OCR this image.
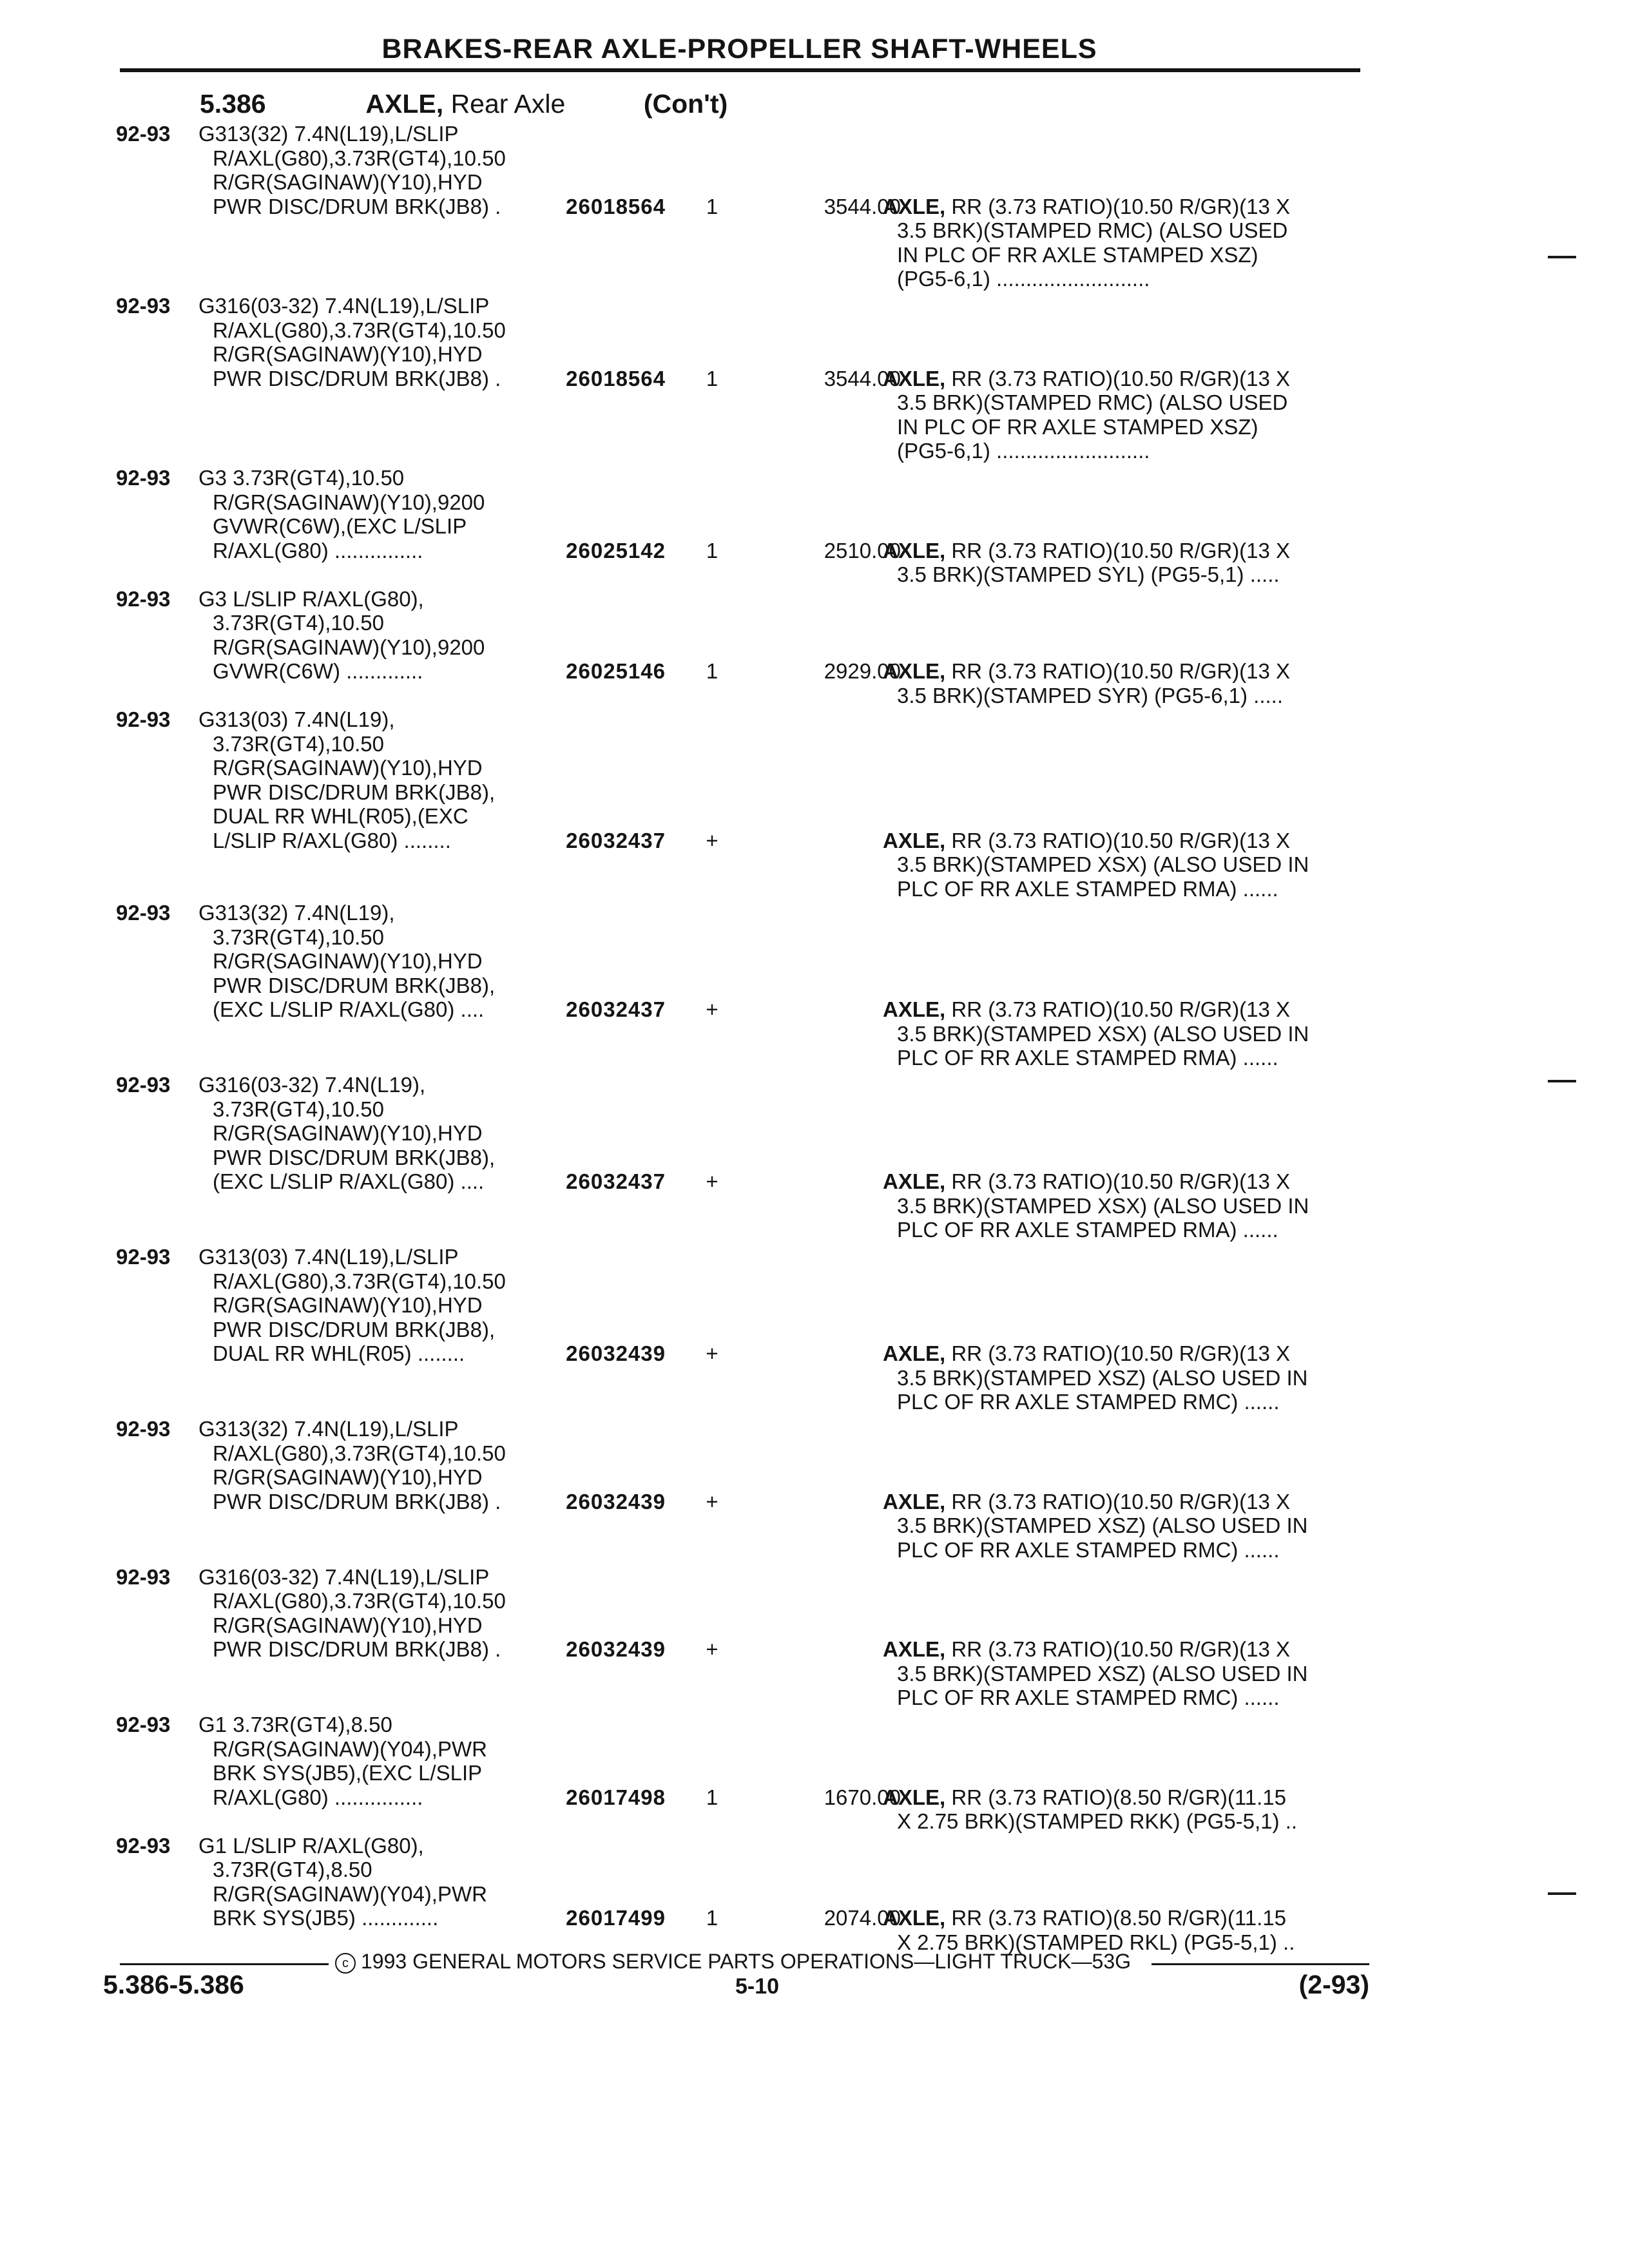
BRAKES-REAR AXLE-PROPELLER SHAFT-WHEELS
5.386	AXLE, Rear Axle	(Con't)
92-93	G313(32) 7.4N(L19),L/SLIP
R/AXL(G80),3.73R(GT4),10.50
R/GR(SAGINAW)(Y10),HYD
PWR DISC/DRUM BRK(JB8) .	26018564	1	3544.00
AXLE, RR (3.73 RATIO)(10.50 R/GR)(13 X
3.5 BRK)(STAMPED RMC) (ALSO USED
IN PLC OF RR AXLE STAMPED XSZ)
(PG5-6,1) ..........................
92-93	G316(03-32) 7.4N(L19),L/SLIP
R/AXL(G80),3.73R(GT4),10.50
R/GR(SAGINAW)(Y10),HYD
PWR DISC/DRUM BRK(JB8) .	26018564	1	3544.00
AXLE, RR (3.73 RATIO)(10.50 R/GR)(13 X
3.5 BRK)(STAMPED RMC) (ALSO USED
IN PLC OF RR AXLE STAMPED XSZ)
(PG5-6,1) ..........................
92-93	G3 3.73R(GT4),10.50
R/GR(SAGINAW)(Y10),9200
GVWR(C6W),(EXC L/SLIP
R/AXL(G80) ...............	26025142	1	2510.00
AXLE, RR (3.73 RATIO)(10.50 R/GR)(13 X
3.5 BRK)(STAMPED SYL) (PG5-5,1) .....
92-93	G3 L/SLIP R/AXL(G80),
3.73R(GT4),10.50
R/GR(SAGINAW)(Y10),9200
GVWR(C6W) .............	26025146	1	2929.00
AXLE, RR (3.73 RATIO)(10.50 R/GR)(13 X
3.5 BRK)(STAMPED SYR) (PG5-6,1) .....
92-93	G313(03) 7.4N(L19),
3.73R(GT4),10.50
R/GR(SAGINAW)(Y10),HYD
PWR DISC/DRUM BRK(JB8),
DUAL RR WHL(R05),(EXC
L/SLIP R/AXL(G80) ........	26032437	+	AXLE, RR (3.73 RATIO)(10.50 R/GR)(13 X
3.5 BRK)(STAMPED XSX) (ALSO USED IN
PLC OF RR AXLE STAMPED RMA) ......
92-93	G313(32) 7.4N(L19),
3.73R(GT4),10.50
R/GR(SAGINAW)(Y10),HYD
PWR DISC/DRUM BRK(JB8),
(EXC L/SLIP R/AXL(G80) ....	26032437	+	AXLE, RR (3.73 RATIO)(10.50 R/GR)(13 X
3.5 BRK)(STAMPED XSX) (ALSO USED IN
PLC OF RR AXLE STAMPED RMA) ......
92-93	G316(03-32) 7.4N(L19),
3.73R(GT4),10.50
R/GR(SAGINAW)(Y10),HYD
PWR DISC/DRUM BRK(JB8),
(EXC L/SLIP R/AXL(G80) ....	26032437	+	AXLE, RR (3.73 RATIO)(10.50 R/GR)(13 X
3.5 BRK)(STAMPED XSX) (ALSO USED IN
PLC OF RR AXLE STAMPED RMA) ......
92-93	G313(03) 7.4N(L19),L/SLIP
R/AXL(G80),3.73R(GT4),10.50
R/GR(SAGINAW)(Y10),HYD
PWR DISC/DRUM BRK(JB8),
DUAL RR WHL(R05) ........	26032439	+	AXLE, RR (3.73 RATIO)(10.50 R/GR)(13 X
3.5 BRK)(STAMPED XSZ) (ALSO USED IN
PLC OF RR AXLE STAMPED RMC) ......
92-93	G313(32) 7.4N(L19),L/SLIP
R/AXL(G80),3.73R(GT4),10.50
R/GR(SAGINAW)(Y10),HYD
PWR DISC/DRUM BRK(JB8) .	26032439	+	AXLE, RR (3.73 RATIO)(10.50 R/GR)(13 X
3.5 BRK)(STAMPED XSZ) (ALSO USED IN
PLC OF RR AXLE STAMPED RMC) ......
92-93	G316(03-32) 7.4N(L19),L/SLIP
R/AXL(G80),3.73R(GT4),10.50
R/GR(SAGINAW)(Y10),HYD
PWR DISC/DRUM BRK(JB8) .	26032439	+	AXLE, RR (3.73 RATIO)(10.50 R/GR)(13 X
3.5 BRK)(STAMPED XSZ) (ALSO USED IN
PLC OF RR AXLE STAMPED RMC) ......
92-93	G1 3.73R(GT4),8.50
R/GR(SAGINAW)(Y04),PWR
BRK SYS(JB5),(EXC L/SLIP
R/AXL(G80) ...............	26017498	1	1670.00
AXLE, RR (3.73 RATIO)(8.50 R/GR)(11.15
X 2.75 BRK)(STAMPED RKK) (PG5-5,1) ..
92-93	G1 L/SLIP R/AXL(G80),
3.73R(GT4),8.50
R/GR(SAGINAW)(Y04),PWR
BRK SYS(JB5) .............	26017499	1	2074.00
AXLE, RR (3.73 RATIO)(8.50 R/GR)(11.15
X 2.75 BRK)(STAMPED RKL) (PG5-5,1) ..
c 1993 GENERAL MOTORS SERVICE PARTS OPERATIONS—LIGHT TRUCK—53G
5.386-5.386	5-10	(2-93)
